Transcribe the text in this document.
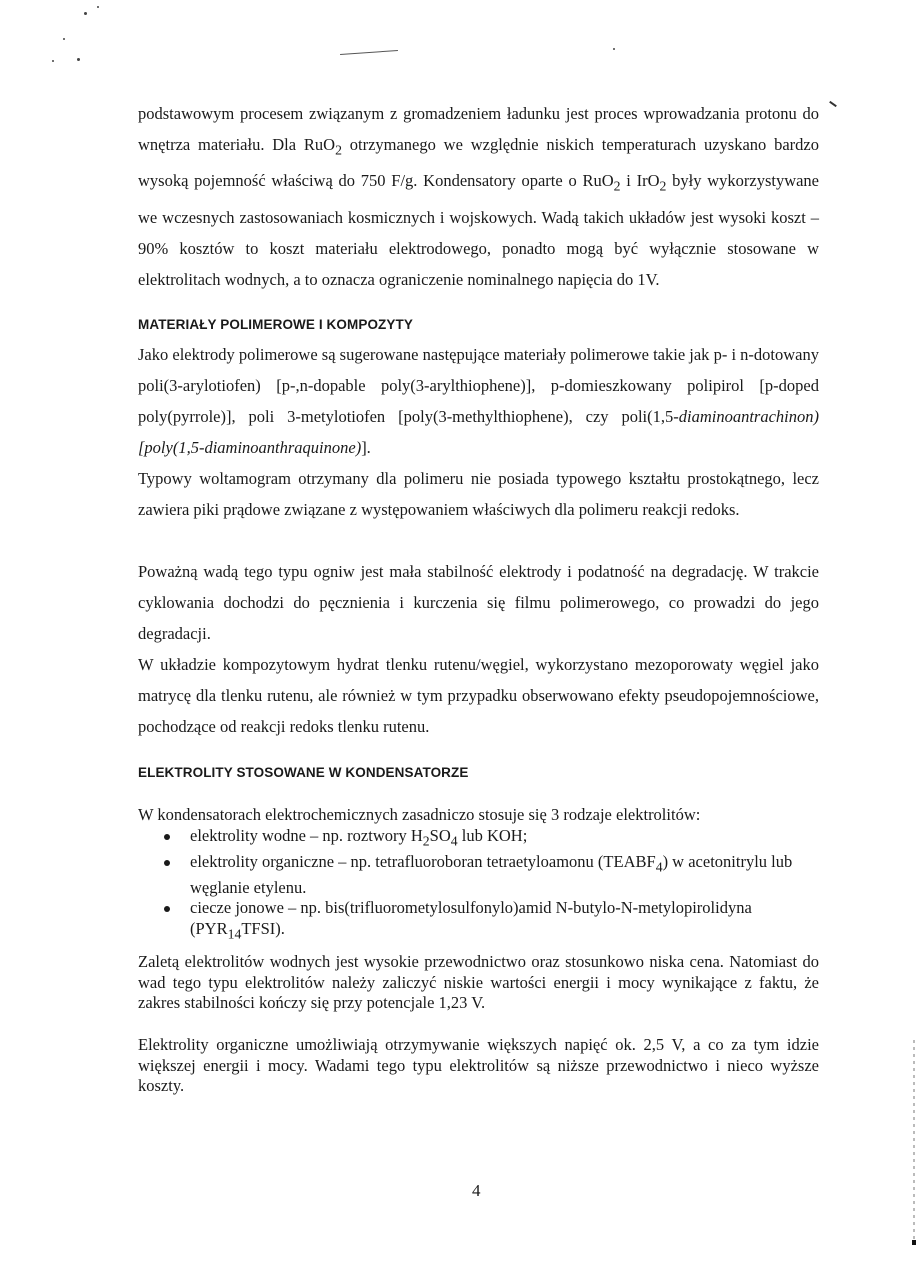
podstawowym procesem związanym z gromadzeniem ładunku jest proces wprowadzania protonu do wnętrza materiału. Dla RuO$_2$ otrzymanego we względnie niskich temperaturach uzyskano bardzo wysoką pojemność właściwą do 750 F/g. Kondensatory oparte o RuO$_2$ i IrO$_2$ były wykorzystywane we wczesnych zastosowaniach kosmicznych i wojskowych. Wadą takich układów jest wysoki koszt – 90% kosztów to koszt materiału elektrodowego, ponadto mogą być wyłącznie stosowane w elektrolitach wodnych, a to oznacza ograniczenie nominalnego napięcia do 1V.

MATERIAŁY POLIMEROWE I KOMPOZYTY

Jako elektrody polimerowe są sugerowane następujące materiały polimerowe takie jak p- i n-dotowany poli(3-arylotiofen) [p-,n-dopable poly(3-arylthiophene)], p-domieszkowany polipirol [p-doped poly(pyrrole)], poli 3-metylotiofen [poly(3-methylthiophene), czy poli(1,5-diaminoantrachinon) [poly(1,5-diaminoanthraquinone)].

Typowy woltamogram otrzymany dla polimeru nie posiada typowego kształtu prostokątnego, lecz zawiera piki prądowe związane z występowaniem właściwych dla polimeru reakcji redoks.

Poważną wadą tego typu ogniw jest mała stabilność elektrody i podatność na degradację. W trakcie cyklowania dochodzi do pęcznienia i kurczenia się filmu polimerowego, co prowadzi do jego degradacji.

W układzie kompozytowym hydrat tlenku rutenu/węgiel, wykorzystano mezoporowaty węgiel jako matrycę dla tlenku rutenu, ale również w tym przypadku obserwowano efekty pseudopojemnościowe, pochodzące od reakcji redoks tlenku rutenu.

ELEKTROLITY STOSOWANE W KONDENSATORZE

W kondensatorach elektrochemicznych zasadniczo stosuje się 3 rodzaje elektrolitów:

elektrolity wodne – np. roztwory $H_2SO_4$ lub KOH;
elektrolity organiczne – np. tetrafluoroboran tetraetyloamonu $(TEABF_4)$ w acetonitrylu lub węglanie etylenu.
ciecze jonowe – np. bis(trifluorometylosulfonylo)amid N-butylo-N-metylopirolidyna $(PYR_{14}TFSI)$.

Zaletą elektrolitów wodnych jest wysokie przewodnictwo oraz stosunkowo niska cena. Natomiast do wad tego typu elektrolitów należy zaliczyć niskie wartości energii i mocy wynikające z faktu, że zakres stabilności kończy się przy potencjale 1,23 V.

Elektrolity organiczne umożliwiają otrzymywanie większych napięć ok. 2,5 V, a co za tym idzie większej energii i mocy. Wadami tego typu elektrolitów są niższe przewodnictwo i nieco wyższe koszty.

4
